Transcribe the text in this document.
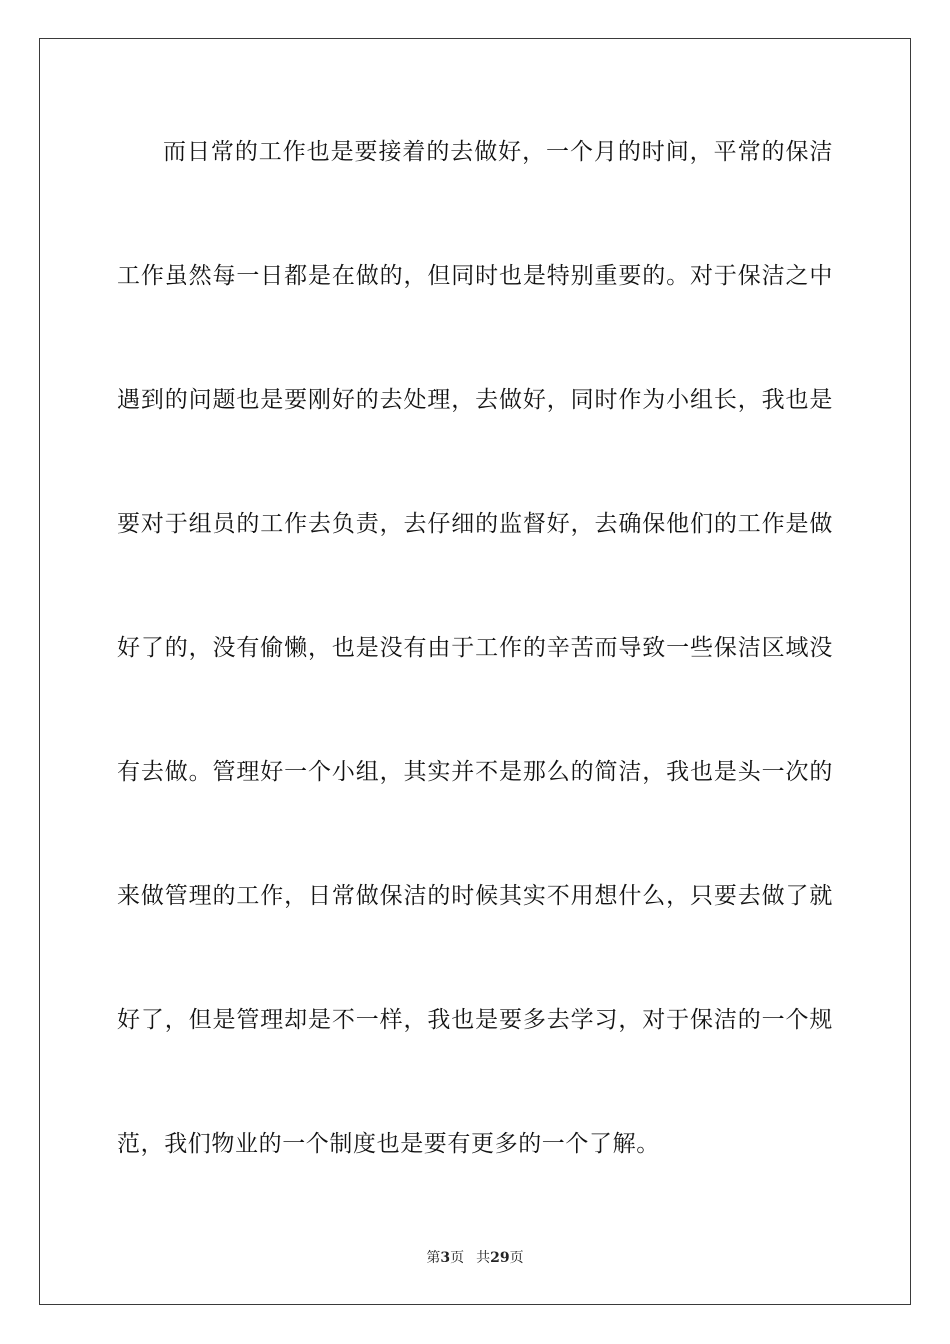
而日常的工作也是要接着的去做好，一个月的时间，平常的保洁
工作虽然每一日都是在做的，但同时也是特别重要的。对于保洁之中
遇到的问题也是要刚好的去处理，去做好，同时作为小组长，我也是
要对于组员的工作去负责，去仔细的监督好，去确保他们的工作是做
好了的，没有偷懒，也是没有由于工作的辛苦而导致一些保洁区域没
有去做。管理好一个小组，其实并不是那么的简洁，我也是头一次的
来做管理的工作，日常做保洁的时候其实不用想什么，只要去做了就
好了，但是管理却是不一样，我也是要多去学习，对于保洁的一个规
范，我们物业的一个制度也是要有更多的一个了解。
第3页 共29页
